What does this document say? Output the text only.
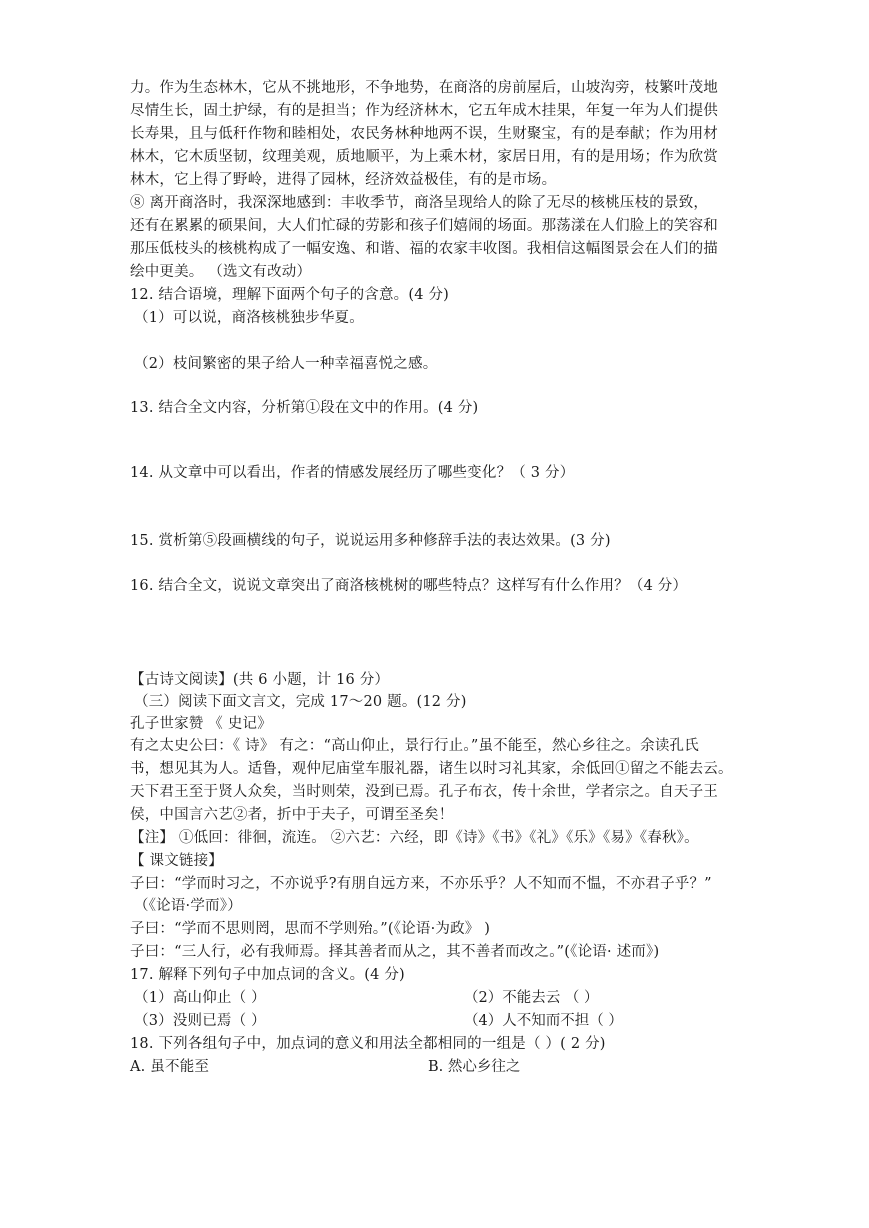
力。作为生态林木，它从不挑地形，不争地势，在商洛的房前屋后，山坡沟旁，枝繁叶茂地
尽情生长，固土护绿，有的是担当；作为经济林木，它五年成木挂果，年复一年为人们提供
长寿果，且与低秆作物和睦相处，农民务林种地两不误，生财聚宝，有的是奉献；作为用材
林木，它木质坚韧，纹理美观，质地顺平，为上乘木材，家居日用，有的是用场；作为欣赏
林木，它上得了野岭，进得了园林，经济效益极佳，有的是市场。
⑧ 离开商洛时，我深深地感到：丰收季节，商洛呈现给人的除了无尽的核桃压枝的景致，
还有在累累的硕果间，大人们忙碌的劳影和孩子们嬉闹的场面。那荡漾在人们脸上的笑容和
那压低枝头的核桃构成了一幅安逸、和谐、福的农家丰收图。我相信这幅图景会在人们的描
绘中更美。 （选文有改动）
12. 结合语境，理解下面两个句子的含意。(4 分)
（1）可以说，商洛核桃独步华夏。
（2）枝间繁密的果子给人一种幸福喜悦之感。
13. 结合全文内容，分析第①段在文中的作用。(4 分)
14. 从文章中可以看出，作者的情感发展经历了哪些变化？（ 3 分）
15. 赏析第⑤段画横线的句子，说说运用多种修辞手法的表达效果。(3 分)
16. 结合全文，说说文章突出了商洛核桃树的哪些特点？这样写有什么作用？（4 分）
【古诗文阅读】(共 6 小题，计 16 分）
（三）阅读下面文言文，完成 17～20 题。(12 分)
孔子世家赞 《 史记》
有之太史公曰：《 诗》 有之：“高山仰止，景行行止。”虽不能至，然心乡往之。余读孔氏
书，想见其为人。适鲁，观仲尼庙堂车服礼器，诸生以时习礼其家，余低回①留之不能去云。
天下君王至于贤人众矣，当时则荣，没到已焉。孔子布衣，传十余世，学者宗之。自天子王
侯，中国言六艺②者，折中于夫子，可谓至圣矣！
【注】 ①低回：徘徊，流连。 ②六艺：六经，即《诗》《书》《礼》《乐》《易》《春秋》。
【 课文链接】
子曰：“学而时习之，不亦说乎?有朋自远方来，不亦乐乎？人不知而不愠，不亦君子乎？”
（《论语·学而》）
子曰：“学而不思则罔，思而不学则殆。”(《论语·为政》 )
子曰：“三人行，必有我师焉。择其善者而从之，其不善者而改之。”(《论语· 述而》)
17. 解释下列句子中加点词的含义。(4 分)
（1）高山仰止（ ）	（2）不能去云 （ ）
（3）没则已焉（ ）	（4）人不知而不担（ ）
18. 下列各组句子中，加点词的意义和用法全都相同的一组是（ ）( 2 分)
A. 虽不能至	B. 然心乡往之
